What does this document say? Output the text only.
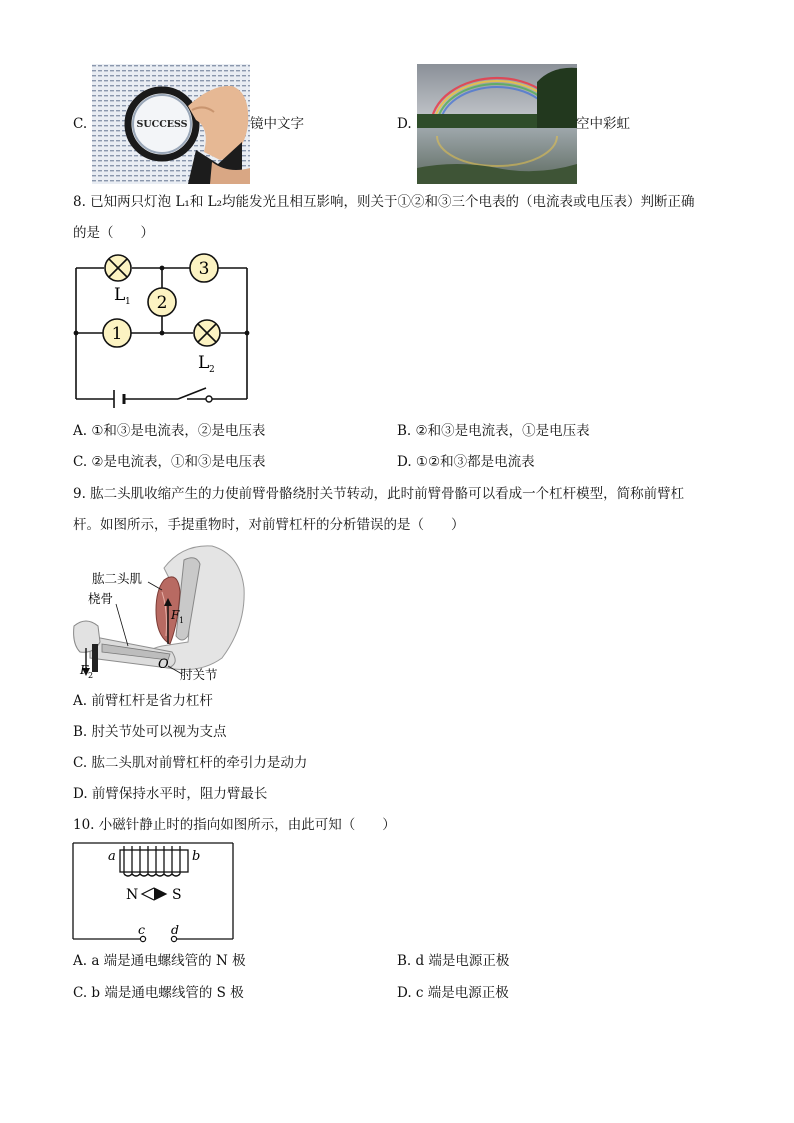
C.	SUCCESS	镜中文字	D.	空中彩虹
8. 已知两只灯泡 L₁和 L₂均能发光且相互影响，则关于①②和③三个电表的（电流表或电压表）判断正确
的是（　　）
L 1
3
2
1
L 2
A. ①和③是电流表，②是电压表	B. ②和③是电流表，①是电压表
C. ②是电流表，①和③是电压表	D. ①②和③都是电流表
9. 肱二头肌收缩产生的力使前臂骨骼绕肘关节转动，此时前臂骨骼可以看成一个杠杆模型，简称前臂杠
杆。如图所示，手提重物时，对前臂杠杆的分析错误的是（　　）
F 1
F 2
O
肱二头肌
桡骨
肘关节
A. 前臂杠杆是省力杠杆
B. 肘关节处可以视为支点
C. 肱二头肌对前臂杠杆的牵引力是动力
D. 前臂保持水平时，阻力臂最长
10. 小磁针静止时的指向如图所示，由此可知（　　）
a	b
N S
c d
A. a 端是通电螺线管的 N 极	B. d 端是电源正极
C. b 端是通电螺线管的 S 极	D. c 端是电源正极
